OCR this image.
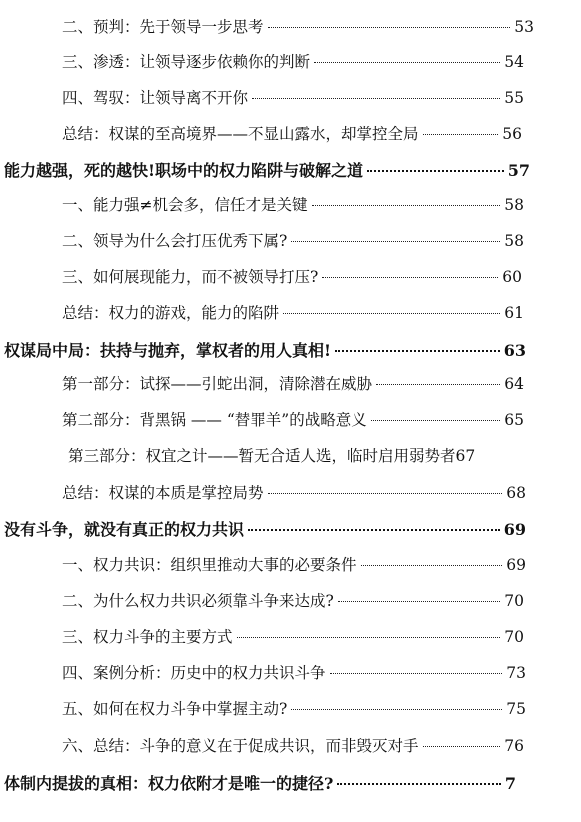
二、预判：先于领导一步思考	53
三、渗透：让领导逐步依赖你的判断	54
四、驾驭：让领导离不开你	55
总结：权谋的至高境界——不显山露水，却掌控全局	56
能力越强，死的越快!职场中的权力陷阱与破解之道	57
一、能力强≠机会多，信任才是关键	58
二、领导为什么会打压优秀下属?	58
三、如何展现能力，而不被领导打压?	60
总结：权力的游戏，能力的陷阱	61
权谋局中局：扶持与抛弃，掌权者的用人真相!	63
第一部分：试探——引蛇出洞，清除潜在威胁	64
第二部分：背黑锅 —— “替罪羊”的战略意义	65
第三部分：权宜之计——暂无合适人选，临时启用弱势者 67
总结：权谋的本质是掌控局势	68
没有斗争，就没有真正的权力共识	69
一、权力共识：组织里推动大事的必要条件	69
二、为什么权力共识必须靠斗争来达成?	70
三、权力斗争的主要方式	70
四、案例分析：历史中的权力共识斗争	73
五、如何在权力斗争中掌握主动?	75
六、总结：斗争的意义在于促成共识，而非毁灭对手	76
体制内提拔的真相：权力依附才是唯一的捷径?	7
